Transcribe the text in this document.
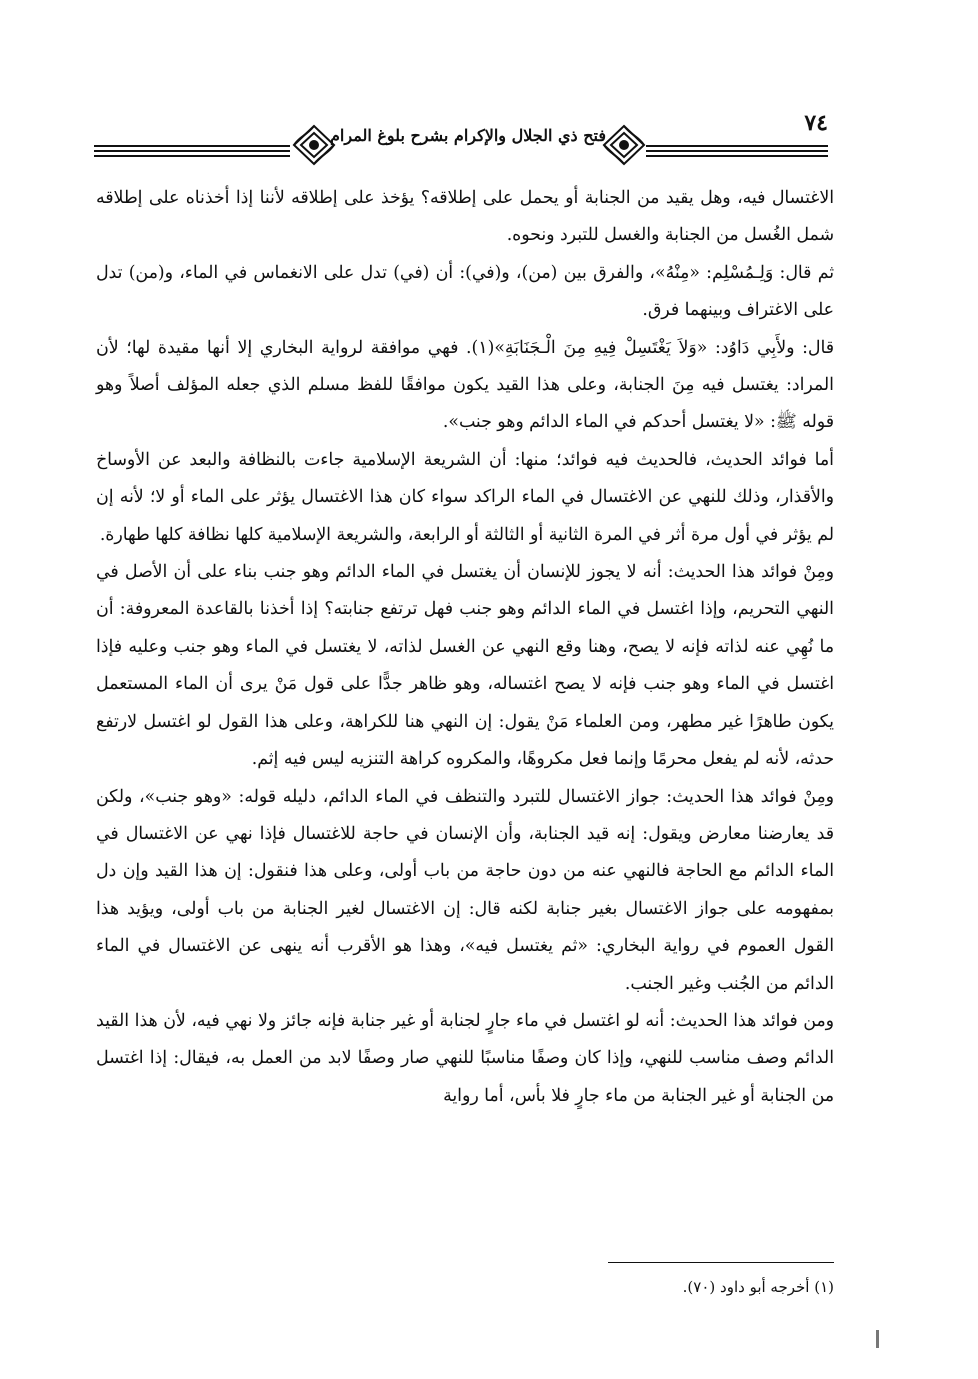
فتح ذي الجلال والإكرام بشرح بلوغ المرام	٧٤

الاغتسال فيه، وهل يقيد من الجنابة أو يحمل على إطلاقه؟ يؤخذ على إطلاقه لأننا إذا أخذناه على إطلاقه شمل الغُسل من الجنابة والغسل للتبرد ونحوه.

ثم قال: وَلِـمُسْلِم: «مِنْهُ»، والفرق بين (من)، و(في): أن (في) تدل على الانغماس في الماء، و(من) تدل على الاغتراف وبينهما فرق.

قال: ولأَبِي دَاوُد: «وَلاَ يَغْتَسِلْ فِيهِ مِنَ الْـجَنَابَةِ»(١). فهي موافقة لرواية البخاري إلا أنها مقيدة لها؛ لأن المراد: يغتسل فيه مِنَ الجنابة، وعلى هذا القيد يكون موافقًا للفظ مسلم الذي جعله المؤلف أصلاً وهو قوله ﷺ: «لا يغتسل أحدكم في الماء الدائم وهو جنب».

أما فوائد الحديث، فالحديث فيه فوائد؛ منها: أن الشريعة الإسلامية جاءت بالنظافة والبعد عن الأوساخ والأقذار، وذلك للنهي عن الاغتسال في الماء الراكد سواء كان هذا الاغتسال يؤثر على الماء أو لا؛ لأنه إن لم يؤثر في أول مرة أثر في المرة الثانية أو الثالثة أو الرابعة، والشريعة الإسلامية كلها نظافة كلها طهارة.

ومِنْ فوائد هذا الحديث: أنه لا يجوز للإنسان أن يغتسل في الماء الدائم وهو جنب بناء على أن الأصل في النهي التحريم، وإذا اغتسل في الماء الدائم وهو جنب فهل ترتفع جنابته؟ إذا أخذنا بالقاعدة المعروفة: أن ما نُهِي عنه لذاته فإنه لا يصح، وهنا وقع النهي عن الغسل لذاته، لا يغتسل في الماء وهو جنب وعليه فإذا اغتسل في الماء وهو جنب فإنه لا يصح اغتساله، وهو ظاهر جدًّا على قول مَنْ يرى أن الماء المستعمل يكون طاهرًا غير مطهر، ومن العلماء مَنْ يقول: إن النهي هنا للكراهة، وعلى هذا القول لو اغتسل لارتفع حدثه، لأنه لم يفعل محرمًا وإنما فعل مكروهًا، والمكروه كراهة التنزيه ليس فيه إثم.

ومِنْ فوائد هذا الحديث: جواز الاغتسال للتبرد والتنظف في الماء الدائم، دليله قوله: «وهو جنب»، ولكن قد يعارضنا معارض ويقول: إنه قيد الجنابة، وأن الإنسان في حاجة للاغتسال فإذا نهي عن الاغتسال في الماء الدائم مع الحاجة فالنهي عنه من دون حاجة من باب أولى، وعلى هذا فنقول: إن هذا القيد وإن دل بمفهومه على جواز الاغتسال بغير جنابة لكنه قال: إن الاغتسال لغير الجنابة من باب أولى، ويؤيد هذا القول العموم في رواية البخاري: «ثم يغتسل فيه»، وهذا هو الأقرب أنه ينهى عن الاغتسال في الماء الدائم من الجُنب وغير الجنب.

ومن فوائد هذا الحديث: أنه لو اغتسل في ماء جارٍ لجنابة أو غير جنابة فإنه جائز ولا نهي فيه، لأن هذا القيد الدائم وصف مناسب للنهي، وإذا كان وصفًا مناسبًا للنهي صار وصفًا لابد من العمل به، فيقال: إذا اغتسل من الجنابة أو غير الجنابة من ماء جارٍ فلا بأس، أما رواية

(١) أخرجه أبو داود (٧٠).
